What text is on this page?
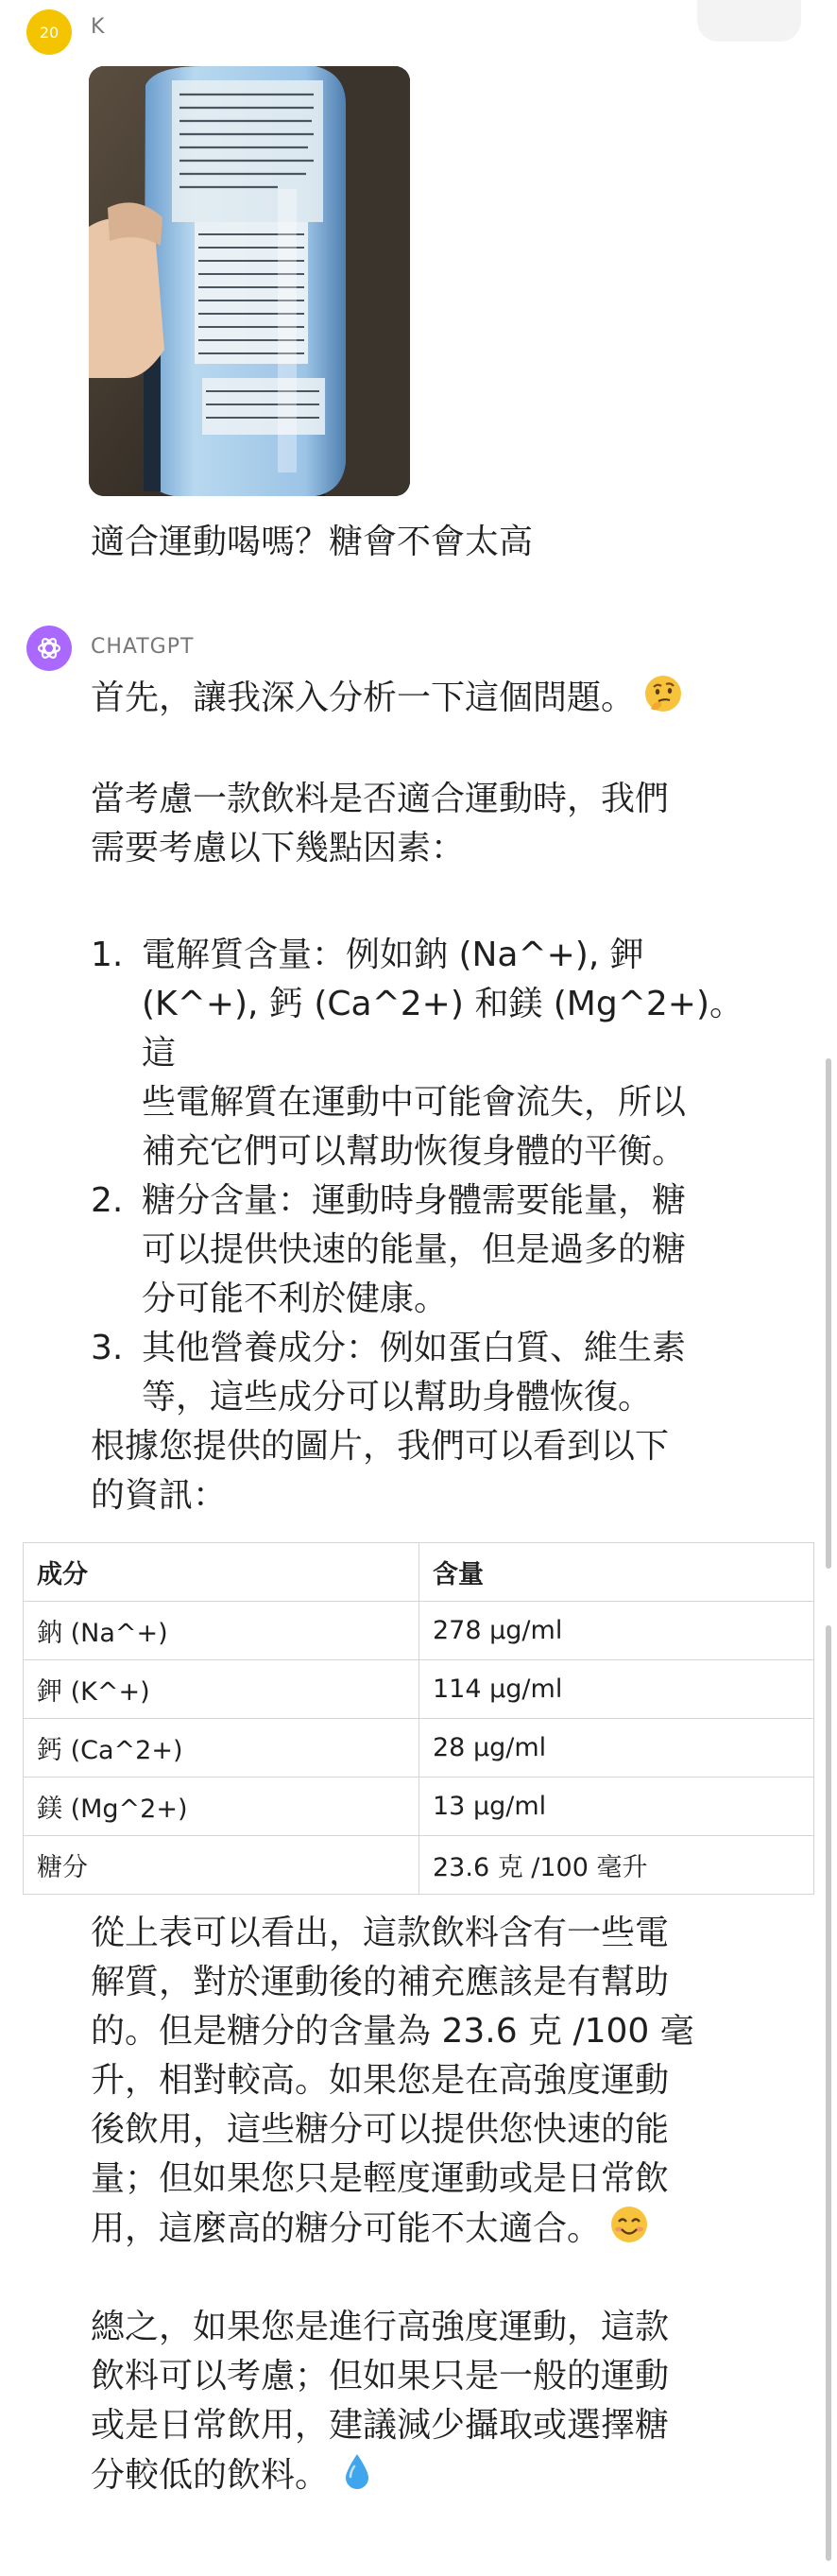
20	K
適合運動喝嗎？糖會不會太高
CHATGPT
首先，讓我深入分析一下這個問題。
當考慮一款飲料是否適合運動時，我們
需要考慮以下幾點因素：
1. 電解質含量：例如鈉 (Na^+), 鉀
(K^+), 鈣 (Ca^2+) 和鎂 (Mg^2+)。這
些電解質在運動中可能會流失，所以
補充它們可以幫助恢復身體的平衡。
2. 糖分含量：運動時身體需要能量，糖
可以提供快速的能量，但是過多的糖
分可能不利於健康。
3. 其他營養成分：例如蛋白質、維生素
等，這些成分可以幫助身體恢復。
根據您提供的圖片，我們可以看到以下
的資訊：
成分	含量
鈉 (Na^+)	278 μg/ml
鉀 (K^+)	114 μg/ml
鈣 (Ca^2+)	28 μg/ml
鎂 (Mg^2+)	13 μg/ml
糖分	23.6 克 /100 毫升
從上表可以看出，這款飲料含有一些電
解質，對於運動後的補充應該是有幫助
的。但是糖分的含量為 23.6 克 /100 毫
升，相對較高。如果您是在高強度運動
後飲用，這些糖分可以提供您快速的能
量；但如果您只是輕度運動或是日常飲
用，這麼高的糖分可能不太適合。
總之，如果您是進行高強度運動，這款
飲料可以考慮；但如果只是一般的運動
或是日常飲用，建議減少攝取或選擇糖
分較低的飲料。
